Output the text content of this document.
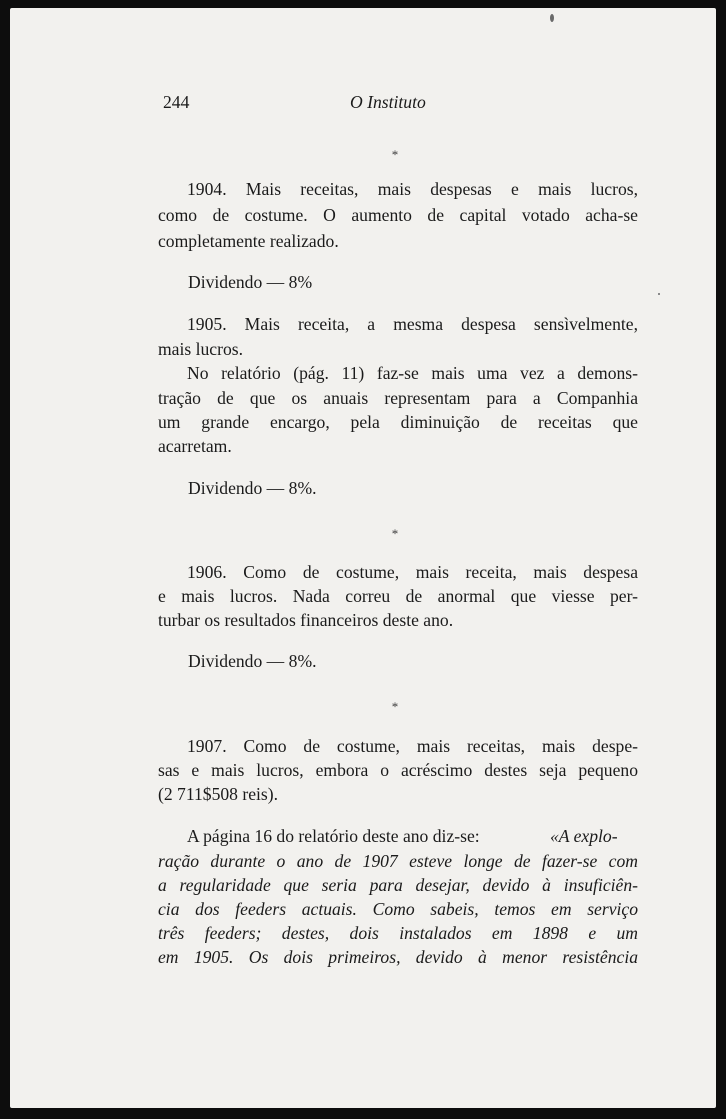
244	O Instituto
*
1904. Mais receitas, mais despesas e mais lucros,
como de costume. O aumento de capital votado acha-se
completamente realizado.
Dividendo — 8%
1905. Mais receita, a mesma despesa sensìvelmente,
mais lucros.
No relatório (pág. 11) faz-se mais uma vez a demons-
tração de que os anuais representam para a Companhia
um grande encargo, pela diminuição de receitas que
acarretam.
Dividendo — 8%.
*
1906. Como de costume, mais receita, mais despesa
e mais lucros. Nada correu de anormal que viesse per-
turbar os resultados financeiros deste ano.
Dividendo — 8%.
*
1907. Como de costume, mais receitas, mais despe-
sas e mais lucros, embora o acréscimo destes seja pequeno
(2 711$508 reis).
A página 16 do relatório deste ano diz-se:	«A explo-
ração durante o ano de 1907 esteve longe de fazer-se com
a regularidade que seria para desejar, devido à insuficiên-
cia dos feeders actuais. Como sabeis, temos em serviço
três feeders; destes, dois instalados em 1898 e um
em 1905. Os dois primeiros, devido à menor resistência
